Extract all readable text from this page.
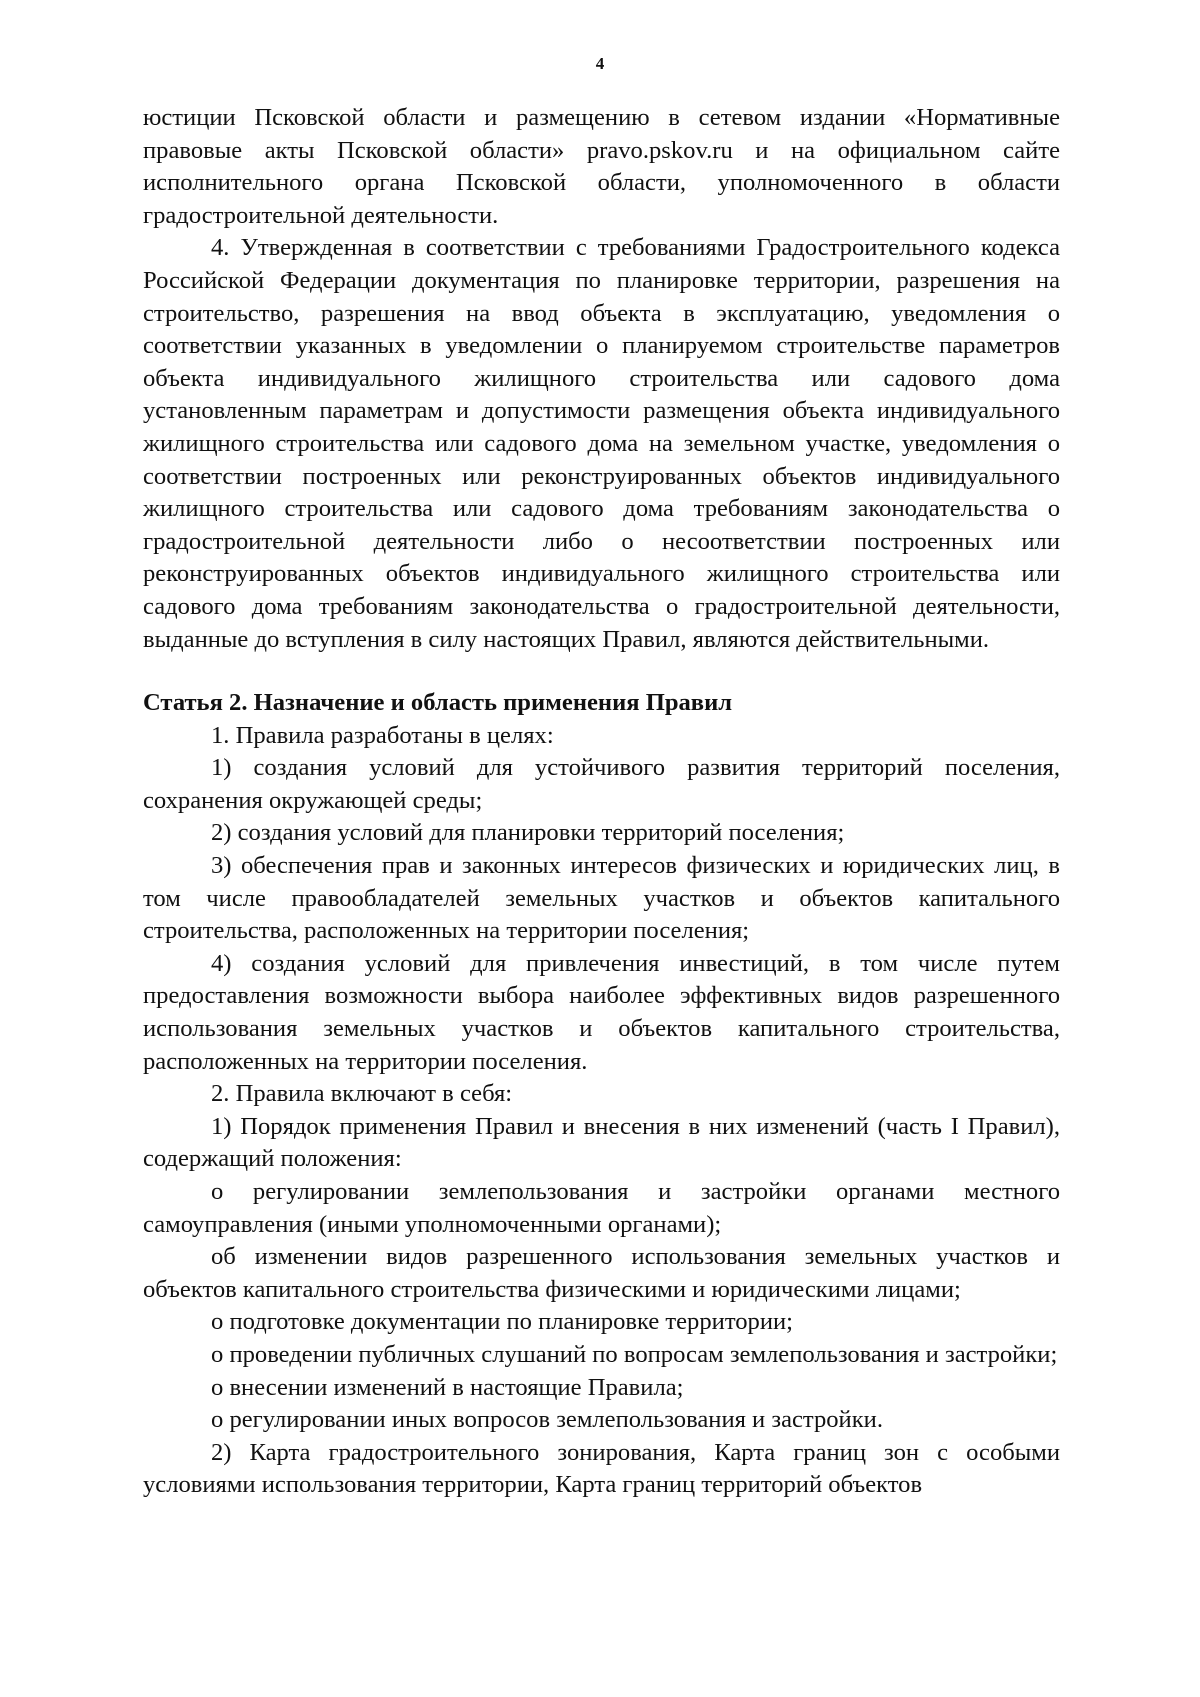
4

юстиции Псковской области и размещению в сетевом издании «Нормативные правовые акты Псковской области» pravo.pskov.ru и на официальном сайте исполнительного органа Псковской области, уполномоченного в области градостроительной деятельности.

4. Утвержденная в соответствии с требованиями Градостроительного кодекса Российской Федерации документация по планировке территории, разрешения на строительство, разрешения на ввод объекта в эксплуатацию, уведомления о соответствии указанных в уведомлении о планируемом строительстве параметров объекта индивидуального жилищного строительства или садового дома установленным параметрам и допустимости размещения объекта индивидуального жилищного строительства или садового дома на земельном участке, уведомления о соответствии построенных или реконструированных объектов индивидуального жилищного строительства или садового дома требованиям законодательства о градостроительной деятельности либо о несоответствии построенных или реконструированных объектов индивидуального жилищного строительства или садового дома требованиям законодательства о градостроительной деятельности, выданные до вступления в силу настоящих Правил, являются действительными.

Статья 2. Назначение и область применения Правил

1. Правила разработаны в целях:

1) создания условий для устойчивого развития территорий поселения, сохранения окружающей среды;

2) создания условий для планировки территорий поселения;

3) обеспечения прав и законных интересов физических и юридических лиц, в том числе правообладателей земельных участков и объектов капитального строительства, расположенных на территории поселения;

4) создания условий для привлечения инвестиций, в том числе путем предоставления возможности выбора наиболее эффективных видов разрешенного использования земельных участков и объектов капитального строительства, расположенных на территории поселения.

2. Правила включают в себя:

1) Порядок применения Правил и внесения в них изменений (часть I Правил), содержащий положения:

о регулировании землепользования и застройки органами местного самоуправления (иными уполномоченными органами);

об изменении видов разрешенного использования земельных участков и объектов капитального строительства физическими и юридическими лицами;

о подготовке документации по планировке территории;

о проведении публичных слушаний по вопросам землепользования и застройки;

о внесении изменений в настоящие Правила;

о регулировании иных вопросов землепользования и застройки.

2) Карта градостроительного зонирования, Карта границ зон с особыми условиями использования территории, Карта границ территорий объектов
